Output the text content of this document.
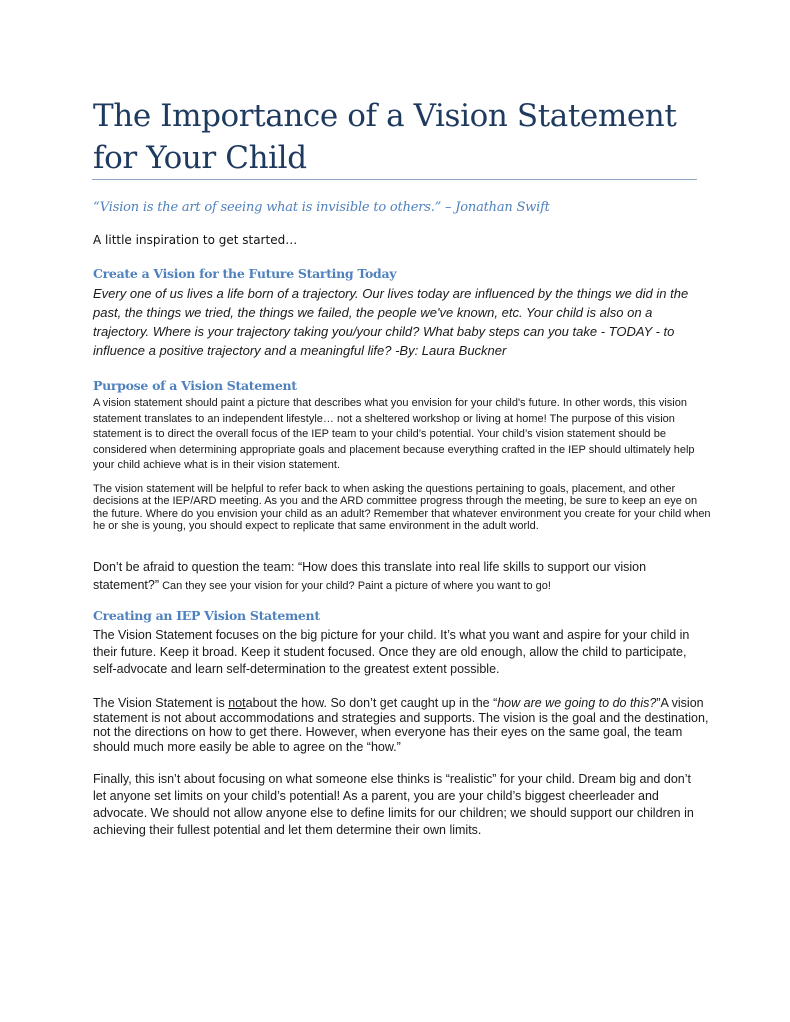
The Importance of a Vision Statement for Your Child
“Vision is the art of seeing what is invisible to others.” – Jonathan Swift
A little inspiration to get started…
Create a Vision for the Future Starting Today

Every one of us lives a life born of a trajectory. Our lives today are influenced by the things we did in the past, the things we tried, the things we failed, the people we've known, etc. Your child is also on a trajectory. Where is your trajectory taking you/your child? What baby steps can you take - TODAY - to influence a positive trajectory and a meaningful life? -By: Laura Buckner

Purpose of a Vision Statement

A vision statement should paint a picture that describes what you envision for your child's future. In other words, this vision statement translates to an independent lifestyle… not a sheltered workshop or living at home! The purpose of this vision statement is to direct the overall focus of the IEP team to your child’s potential. Your child’s vision statement should be considered when determining appropriate goals and placement because everything crafted in the IEP should ultimately help your child achieve what is in their vision statement.

The vision statement will be helpful to refer back to when asking the questions pertaining to goals, placement, and other decisions at the IEP/ARD meeting. As you and the ARD committee progress through the meeting, be sure to keep an eye on the future. Where do you envision your child as an adult? Remember that whatever environment you create for your child when he or she is young, you should expect to replicate that same environment in the adult world.

Don’t be afraid to question the team: “How does this translate into real life skills to support our vision statement?” Can they see your vision for your child? Paint a picture of where you want to go!

Creating an IEP Vision Statement

The Vision Statement focuses on the big picture for your child. It’s what you want and aspire for your child in their future. Keep it broad. Keep it student focused. Once they are old enough, allow the child to participate, self-advocate and learn self-determination to the greatest extent possible.

The Vision Statement is notabout the how. So don’t get caught up in the “how are we going to do this?”A vision statement is not about accommodations and strategies and supports. The vision is the goal and the destination, not the directions on how to get there. However, when everyone has their eyes on the same goal, the team should much more easily be able to agree on the “how.”

Finally, this isn’t about focusing on what someone else thinks is “realistic” for your child. Dream big and don’t let anyone set limits on your child’s potential! As a parent, you are your child’s biggest cheerleader and advocate. We should not allow anyone else to define limits for our children; we should support our children in achieving their fullest potential and let them determine their own limits.
